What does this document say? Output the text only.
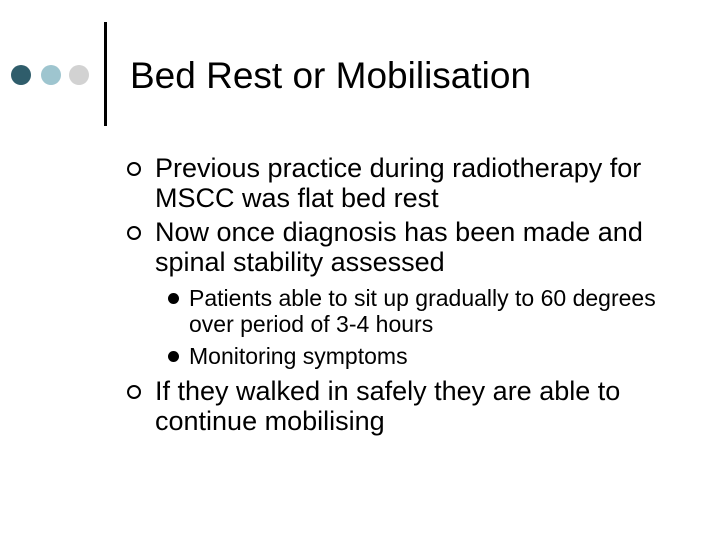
Bed Rest or Mobilisation
Previous practice during radiotherapy for MSCC was flat bed rest
Now once diagnosis has been made and spinal stability assessed
Patients able to sit up gradually to 60 degrees over period of 3-4 hours
Monitoring symptoms
If they walked in safely they are able to continue mobilising
